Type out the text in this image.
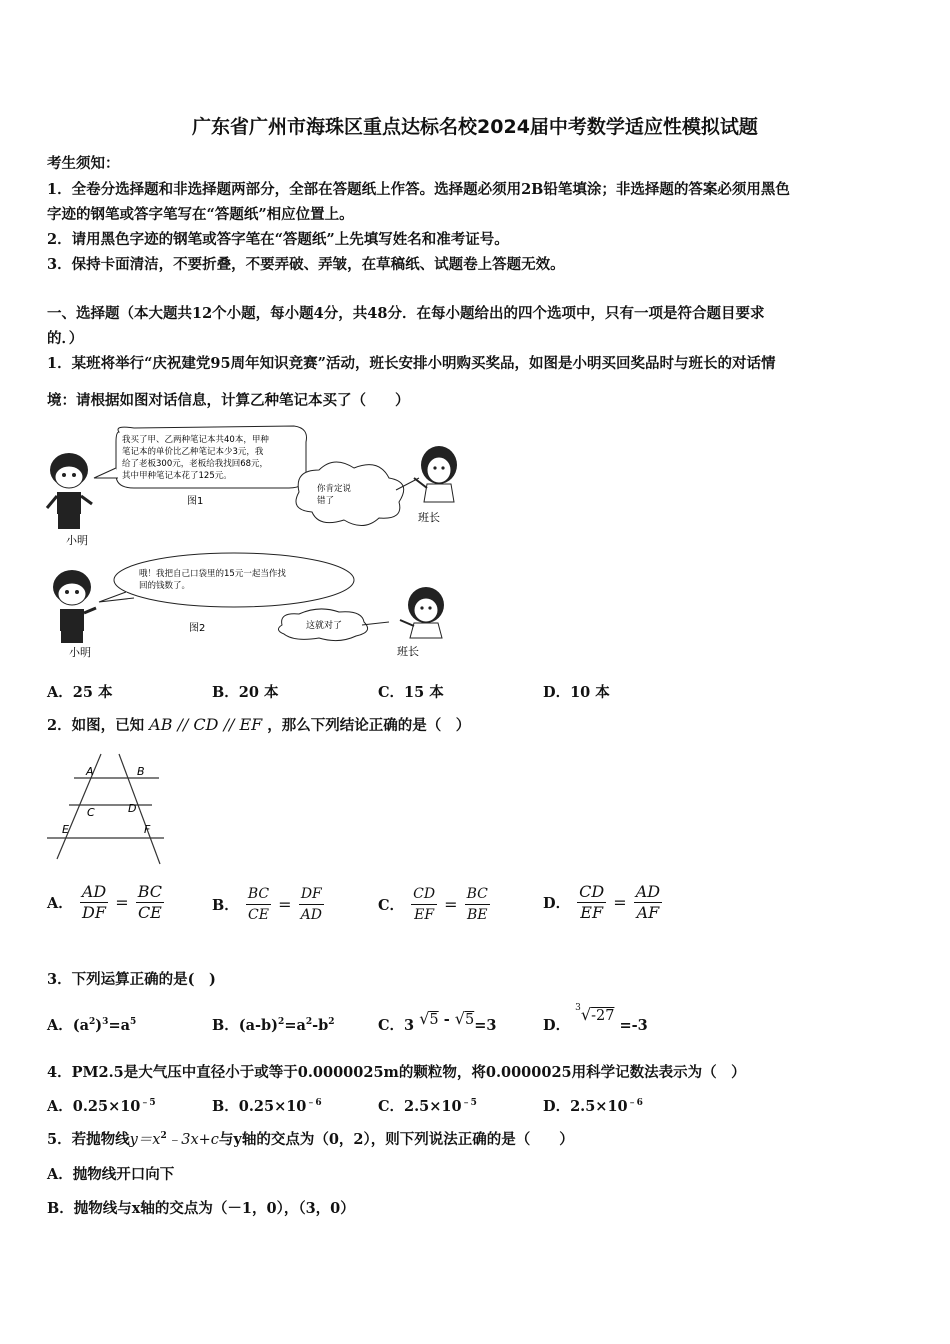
广东省广州市海珠区重点达标名校2024届中考数学适应性模拟试题
考生须知：
1．全卷分选择题和非选择题两部分，全部在答题纸上作答。选择题必须用2B铅笔填涂；非选择题的答案必须用黑色
字迹的钢笔或答字笔写在“答题纸”相应位置上。
2．请用黑色字迹的钢笔或答字笔在“答题纸”上先填写姓名和准考证号。
3．保持卡面清洁，不要折叠，不要弄破、弄皱，在草稿纸、试题卷上答题无效。
一、选择题（本大题共12个小题，每小题4分，共48分．在每小题给出的四个选项中，只有一项是符合题目要求
的．）
1．某班将举行“庆祝建党95周年知识竞赛”活动，班长安排小明购买奖品，如图是小明买回奖品时与班长的对话情
境：请根据如图对话信息，计算乙种笔记本买了（　　）
小明
我买了甲、乙两种笔记本共40本，甲种
笔记本的单价比乙种笔记本少3元，我
给了老板300元，老板给我找回68元，
其中甲种笔记本花了125元。
图1
你肯定说
错了
班长
小明
哦！我把自己口袋里的15元一起当作找
回的钱数了。
图2	这就对了
班长
A．25 本	B．20 本	C．15 本	D．10 本
2．如图，已知 AB // CD // EF ，那么下列结论正确的是（　）
A	B
C	D
E	F
A． $\frac{AD}{DF} = \frac{BC}{CE}$	B． $\frac{BC}{CE} = \frac{DF}{AD}$	C． $\frac{CD}{EF} = \frac{BC}{BE}$	D． $\frac{CD}{EF} = \frac{AD}{AF}$
3．下列运算正确的是(　)
A．$(a^2)^3=a^5$	B．$(a-b)^2=a^2-b^2$	C．3 √5 - √5=3	D． $^3$√-27 =-3
4．PM2.5是大气压中直径小于或等于0.0000025m的颗粒物，将0.0000025用科学记数法表示为（　）
A．$0.25\times 10^{﹣5}$	B．$0.25\times 10^{﹣6}$	C．$2.5\times 10^{﹣5}$	D．$2.5\times 10^{﹣6}$
5．若抛物线$y=x^2﹣3x+c$与y轴的交点为（0，2），则下列说法正确的是（　　）
A．抛物线开口向下
B．抛物线与x轴的交点为（－1，0），（3，0）
